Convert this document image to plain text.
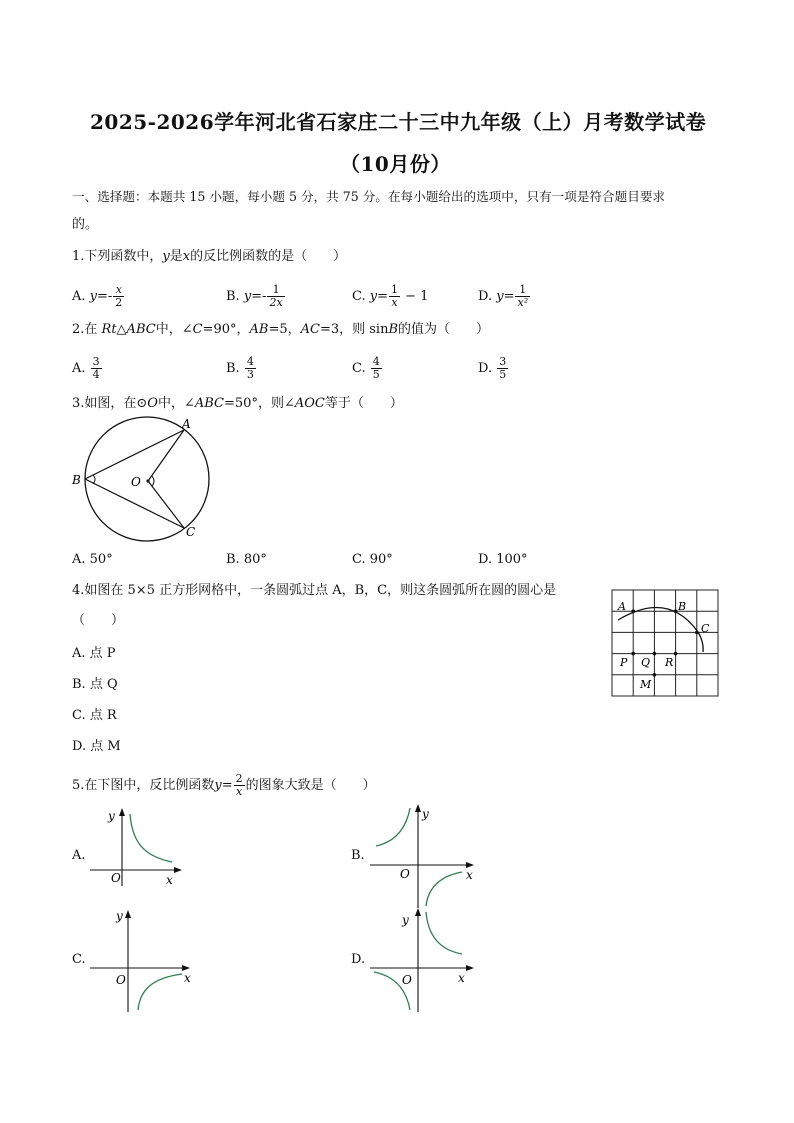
2025-2026学年河北省石家庄二十三中九年级（上）月考数学试卷
（10月份）
一、选择题：本题共 15 小题，每小题 5 分，共 75 分。在每小题给出的选项中，只有一项是符合题目要求
的。
1.下列函数中，y是x的反比例函数的是（　　）
A. $y=- \frac{x}{2}$	B. $y=- \frac{1}{2x}$	C. $y= \frac{1}{x} - 1$	D. $y= \frac{1}{\text{x²}}$
2.在 Rt△ABC中，∠C=90°，AB=5，AC=3，则 sinB的值为（　　）
A. $\frac{3}{4}$	B. $\frac{4}{3}$	C. $\frac{4}{5}$	D. $\frac{3}{5}$
3.如图，在⊙O中，∠ABC=50°，则∠AOC等于（　　）
A
B
C
O
A. 50°	B. 80°	C. 90°	D. 100°
4.如图在 5×5 正方形网格中，一条圆弧过点 A，B，C，则这条圆弧所在圆的圆心是
（　　）
A. 点 P
B. 点 Q
C. 点 R
D. 点 M
A	B
C
P Q R
M
5.在下图中，反比例函数$y= \frac{2}{x}$ 的图象大致是（　　）
A.
y
x
O
B.
y
x
O
C.
y
x
O
D.
y
x
O
